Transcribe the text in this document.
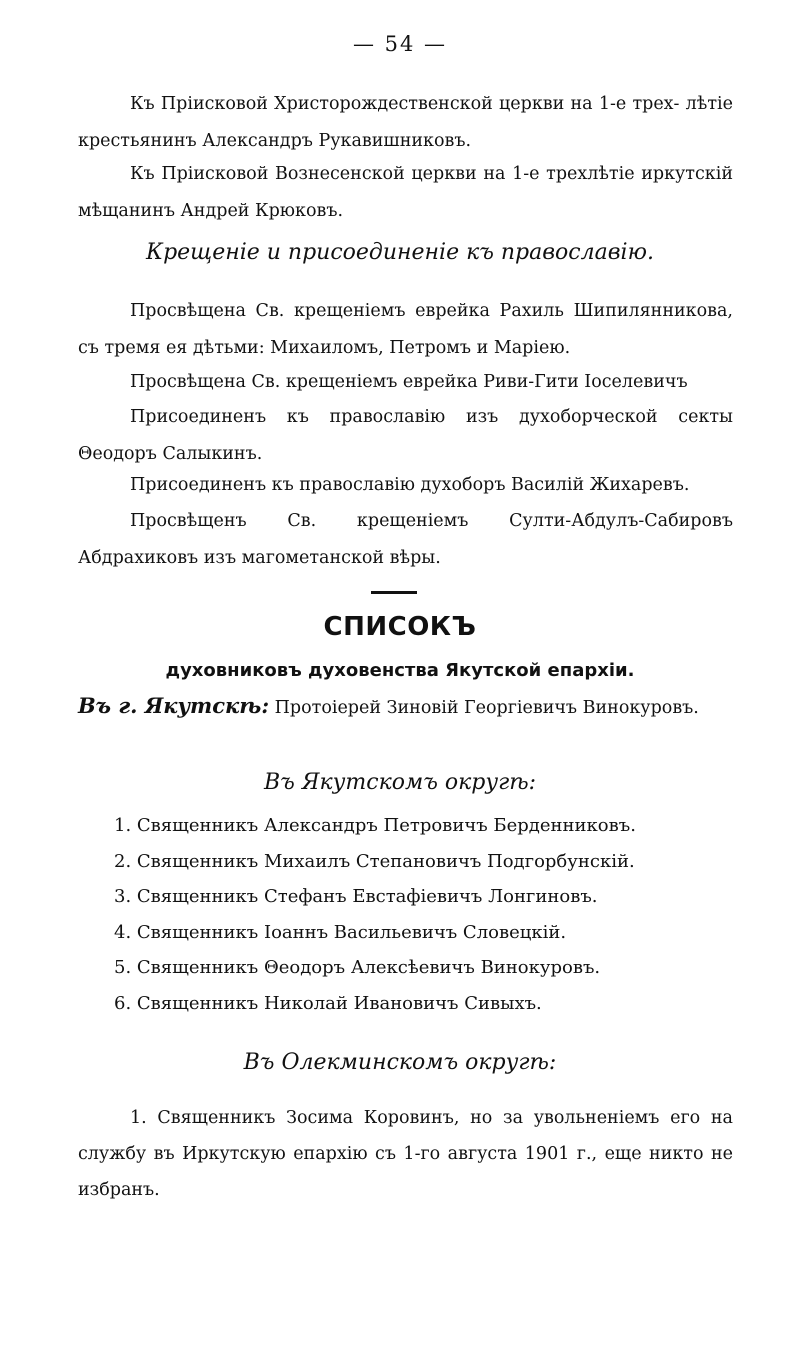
— 54 —

Къ Прiисковой Христорождественской церкви на 1-е трех- лѣтiе крестьянинъ Александръ Рукавишниковъ.

Къ Прiисковой Вознесенской церкви на 1-е трехлѣтiе иркутскiй мѣщанинъ Андрей Крюковъ.

Крещенiе и присоединенiе къ православiю.

Просвѣщена Св. крещенiемъ еврейка Рахиль Шипилянникова, съ тремя ея дѣтьми: Михаиломъ, Петромъ и Марiею.

Просвѣщена Св. крещенiемъ еврейка Риви-Гити Iоселевичъ

Присоединенъ къ православiю изъ духоборческой секты Θеодоръ Салыкинъ.

Присоединенъ къ православiю духоборъ Василiй Жихаревъ.

Просвѣщенъ Св. крещенiемъ Султи-Абдулъ-Сабировъ Абдрахиковъ изъ магометанской вѣры.

СПИСОКЪ
духовниковъ духовенства Якутской епархiи.

Въ г. Якутскѣ: Протоiерей Зиновiй Георгiевичъ Винокуровъ.

Въ Якутскомъ округѣ:
1. Священникъ Александръ Петровичъ Берденниковъ.
2. Священникъ Михаилъ Степановичъ Подгорбунскiй.
3. Священникъ Стефанъ Евстафiевичъ Лонгиновъ.
4. Священникъ Iоаннъ Васильевичъ Словецкiй.
5. Священникъ Θеодоръ Алексѣевичъ Винокуровъ.
6. Священникъ Николай Ивановичъ Сивыхъ.
Въ Олекминскомъ округѣ:

1. Священникъ Зосима Коровинъ, но за увольненiемъ его на службу въ Иркутскую епархiю съ 1-го августа 1901 г., еще никто не избранъ.
